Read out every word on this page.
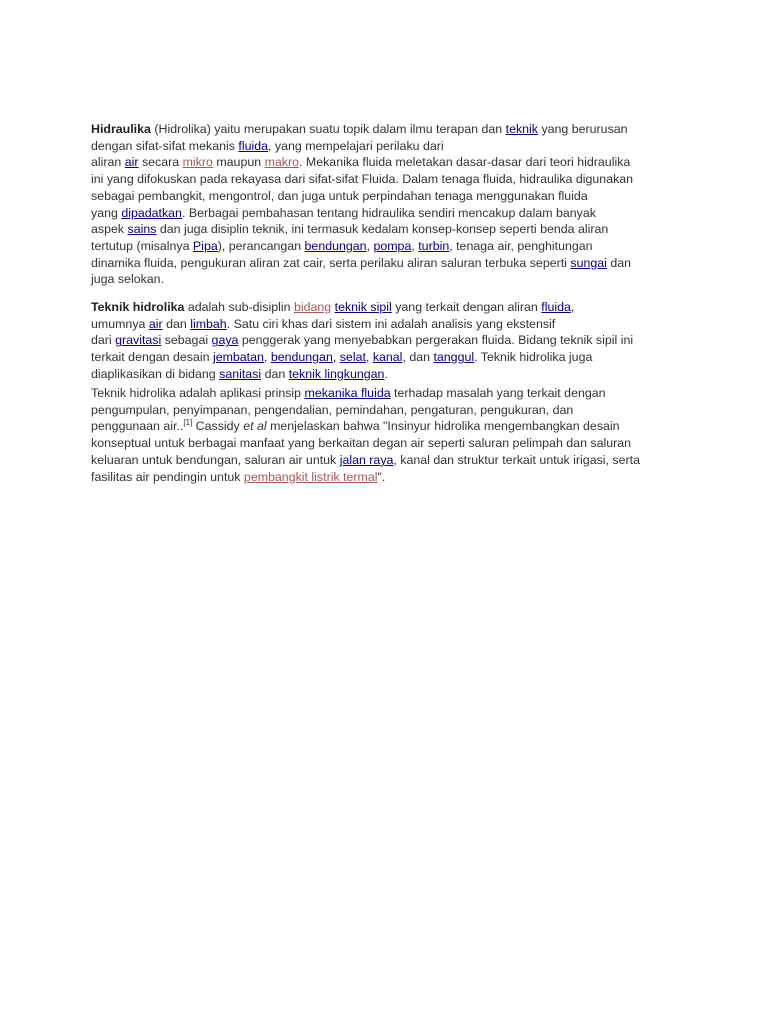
Hidraulika (Hidrolika) yaitu merupakan suatu topik dalam ilmu terapan dan teknik yang berurusan
dengan sifat-sifat mekanis fluida, yang mempelajari perilaku dari
aliran air secara mikro maupun makro. Mekanika fluida meletakan dasar-dasar dari teori hidraulika
ini yang difokuskan pada rekayasa dari sifat-sifat Fluida. Dalam tenaga fluida, hidraulika digunakan
sebagai pembangkit, mengontrol, dan juga untuk perpindahan tenaga menggunakan fluida
yang dipadatkan. Berbagai pembahasan tentang hidraulika sendiri mencakup dalam banyak
aspek sains dan juga disiplin teknik, ini termasuk kedalam konsep-konsep seperti benda aliran
tertutup (misalnya Pipa), perancangan bendungan, pompa, turbin, tenaga air, penghitungan
dinamika fluida, pengukuran aliran zat cair, serta perilaku aliran saluran terbuka seperti sungai dan
juga selokan.
Teknik hidrolika adalah sub-disiplin bidang teknik sipil yang terkait dengan aliran fluida,
umumnya air dan limbah. Satu ciri khas dari sistem ini adalah analisis yang ekstensif
dari gravitasi sebagai gaya penggerak yang menyebabkan pergerakan fluida. Bidang teknik sipil ini
terkait dengan desain jembatan, bendungan, selat, kanal, dan tanggul. Teknik hidrolika juga
diaplikasikan di bidang sanitasi dan teknik lingkungan.
Teknik hidrolika adalah aplikasi prinsip mekanika fluida terhadap masalah yang terkait dengan
pengumpulan, penyimpanan, pengendalian, pemindahan, pengaturan, pengukuran, dan
penggunaan air..[1] Cassidy et al menjelaskan bahwa "Insinyur hidrolika mengembangkan desain
konseptual untuk berbagai manfaat yang berkaitan degan air seperti saluran pelimpah dan saluran
keluaran untuk bendungan, saluran air untuk jalan raya, kanal dan struktur terkait untuk irigasi, serta
fasilitas air pendingin untuk pembangkit listrik termal".
